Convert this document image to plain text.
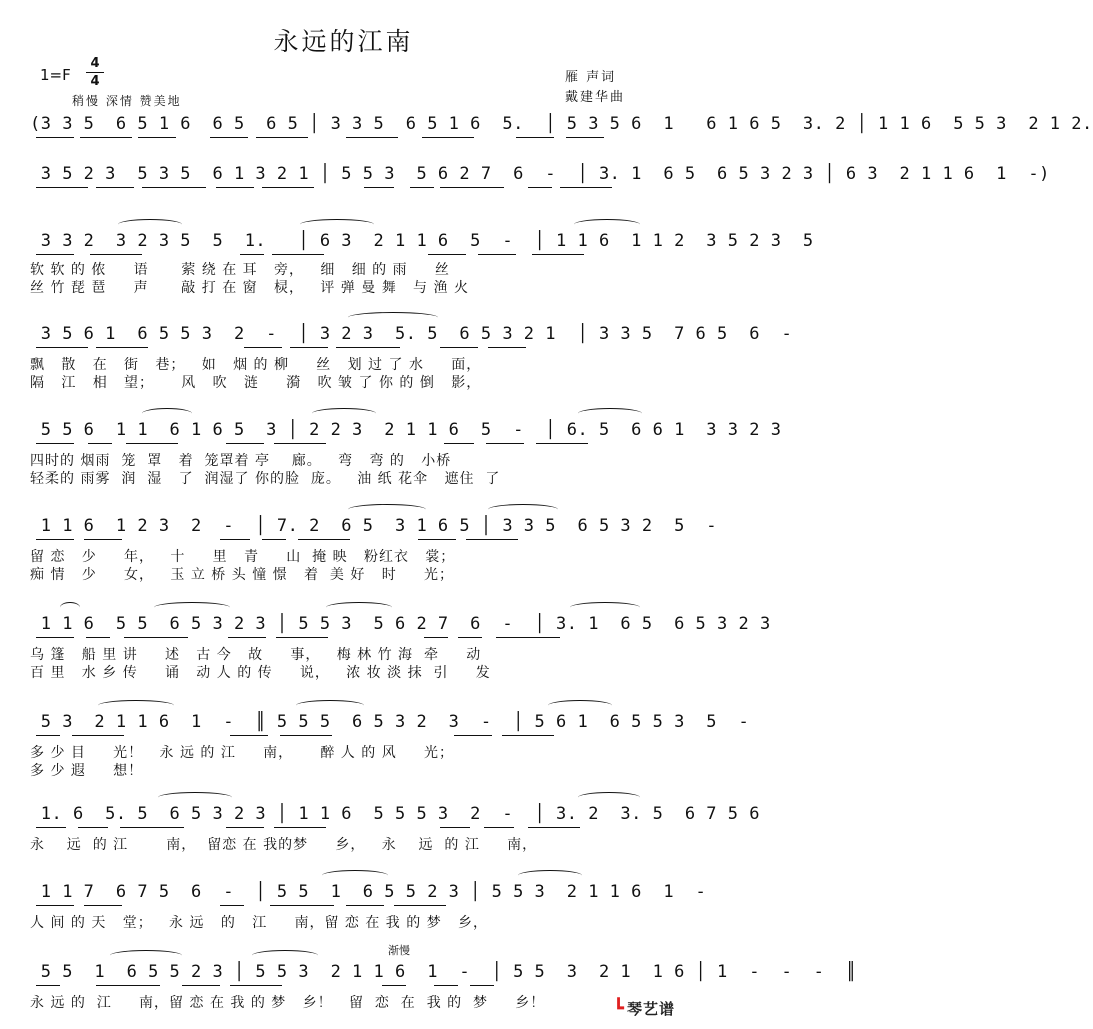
永远的江南
1=F
4
4
稍慢 深情 赞美地
雁 声词
戴建华曲
(3 3 5  6 5 1 6  6 5  6 5 │ 3 3 5  6 5 1 6  5.  │ 5 3 5 6  1   6 1 6 5  3. 2 │ 1 1 6  5 5 3  2 1 2.
3 5 2 3  5 3 5  6 1 3 2 1 │ 5 5 3  5 6 2 7  6  -  │ 3. 1  6 5  6 5 3 2 3 │ 6 3  2 1 1 6  1  -)
3 3 2  3 2 3 5  5  1.   │ 6 3  2 1 1 6  5  -  │ 1 1 6  1 1 2  3 5 2 3  5
软 软 的 侬     语      萦 绕 在 耳   旁，   细   细 的 雨     丝
丝 竹 琵 琶     声      敲 打 在 窗   棂，   评 弹 曼 舞   与 渔 火
3 5 6 1  6 5 5 3  2  -  │ 3 2 3  5. 5  6 5 3 2 1  │ 3 3 5  7 6 5  6  -
飘   散   在   街   巷；   如   烟 的 柳     丝   划 过 了 水     面，
隔   江   相   望；     风   吹   涟     漪   吹 皱 了 你 的 倒   影，
5 5 6  1 1  6 1 6 5  3 │ 2 2 3  2 1 1 6  5  -  │ 6. 5  6 6 1  3 3 2 3
四时的 烟雨  笼  罩   着  笼罩着 亭    廊。   弯   弯 的   小桥
轻柔的 雨雾  润  湿   了  润湿了 你的脸  庞。   油 纸 花伞   遮住  了
1 1 6  1 2 3  2  -  │ 7. 2  6 5  3 1 6 5 │ 3 3 5  6 5 3 2  5  -
留 恋   少     年，   十     里   青     山  掩 映   粉红衣   裳；
痴 情   少     女，   玉 立 桥 头 憧 憬   着  美 好   时     光；
1 1 6  5 5  6 5 3 2 3 │ 5 5 3  5 6 2 7  6  -  │ 3. 1  6 5  6 5 3 2 3
乌 篷   船 里 讲     述   古 今   故     事，   梅 林 竹 海  牵     动
百 里   水 乡 传     诵   动 人 的 传     说，   浓 妆 淡 抹  引     发
5 3  2 1 1 6  1  -  ║ 5 5 5  6 5 3 2  3  -  │ 5 6 1  6 5 5 3  5  -
多 少 目     光！   永 远 的 江     南，     醉 人 的 风     光；
多 少 遐     想！
1. 6  5. 5  6 5 3 2 3 │ 1 1 6  5 5 5 3  2  -  │ 3. 2  3. 5  6 7 5 6
永    远  的 江       南，  留恋 在 我的梦     乡，   永    远  的 江     南，
1 1 7  6 7 5  6  -  │ 5 5  1  6 5 5 2 3 │ 5 5 3  2 1 1 6  1  -
人 间 的 天   堂；   永 远   的   江     南，留 恋 在 我 的 梦   乡，
5 5  1  6 5 5 2 3 │ 5 5 3  2 1 1 6  1  -  │ 5 5  3  2 1  1 6 │ 1  -  -  -  ║
渐慢
永 远 的  江     南，留 恋 在 我 的 梦   乡！   留  恋  在  我 的  梦     乡！	┗ 琴艺谱
